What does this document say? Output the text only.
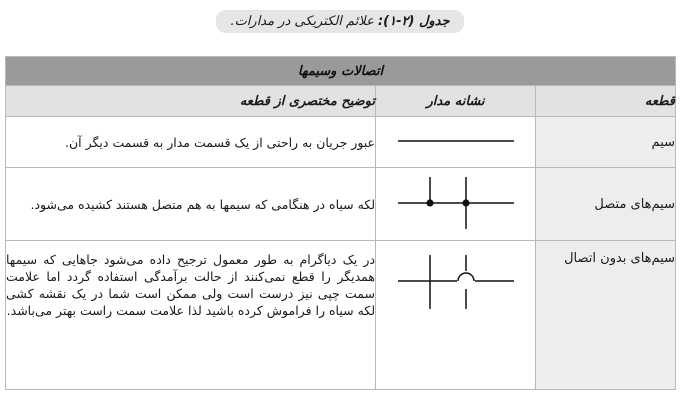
جدول (۲-۱): علائم الکتریکی در مدارات.
اتصالات وسیمها		
قطعه	نشانه مدار	توضیح مختصری از قطعه
سیم		عبور جریان به راحتی از یک قسمت مدار به قسمت دیگر آن.
سیم‌های متصل		لکه سیاه در هنگامی که سیمها به هم متصل هستند کشیده می‌شود.
سیم‌های بدون اتصال		در یک دیاگرام به طور معمول ترجیح داده می‌شود جاهایی که سیمها همدیگر را قطع نمی‌کنند از حالت برآمدگی استفاده گردد اما علامت سمت چپی نیز درست است ولی ممکن است شما در یک نقشه کشی لکه سیاه را فراموش کرده باشید لذا علامت سمت راست بهتر می‌باشد.
